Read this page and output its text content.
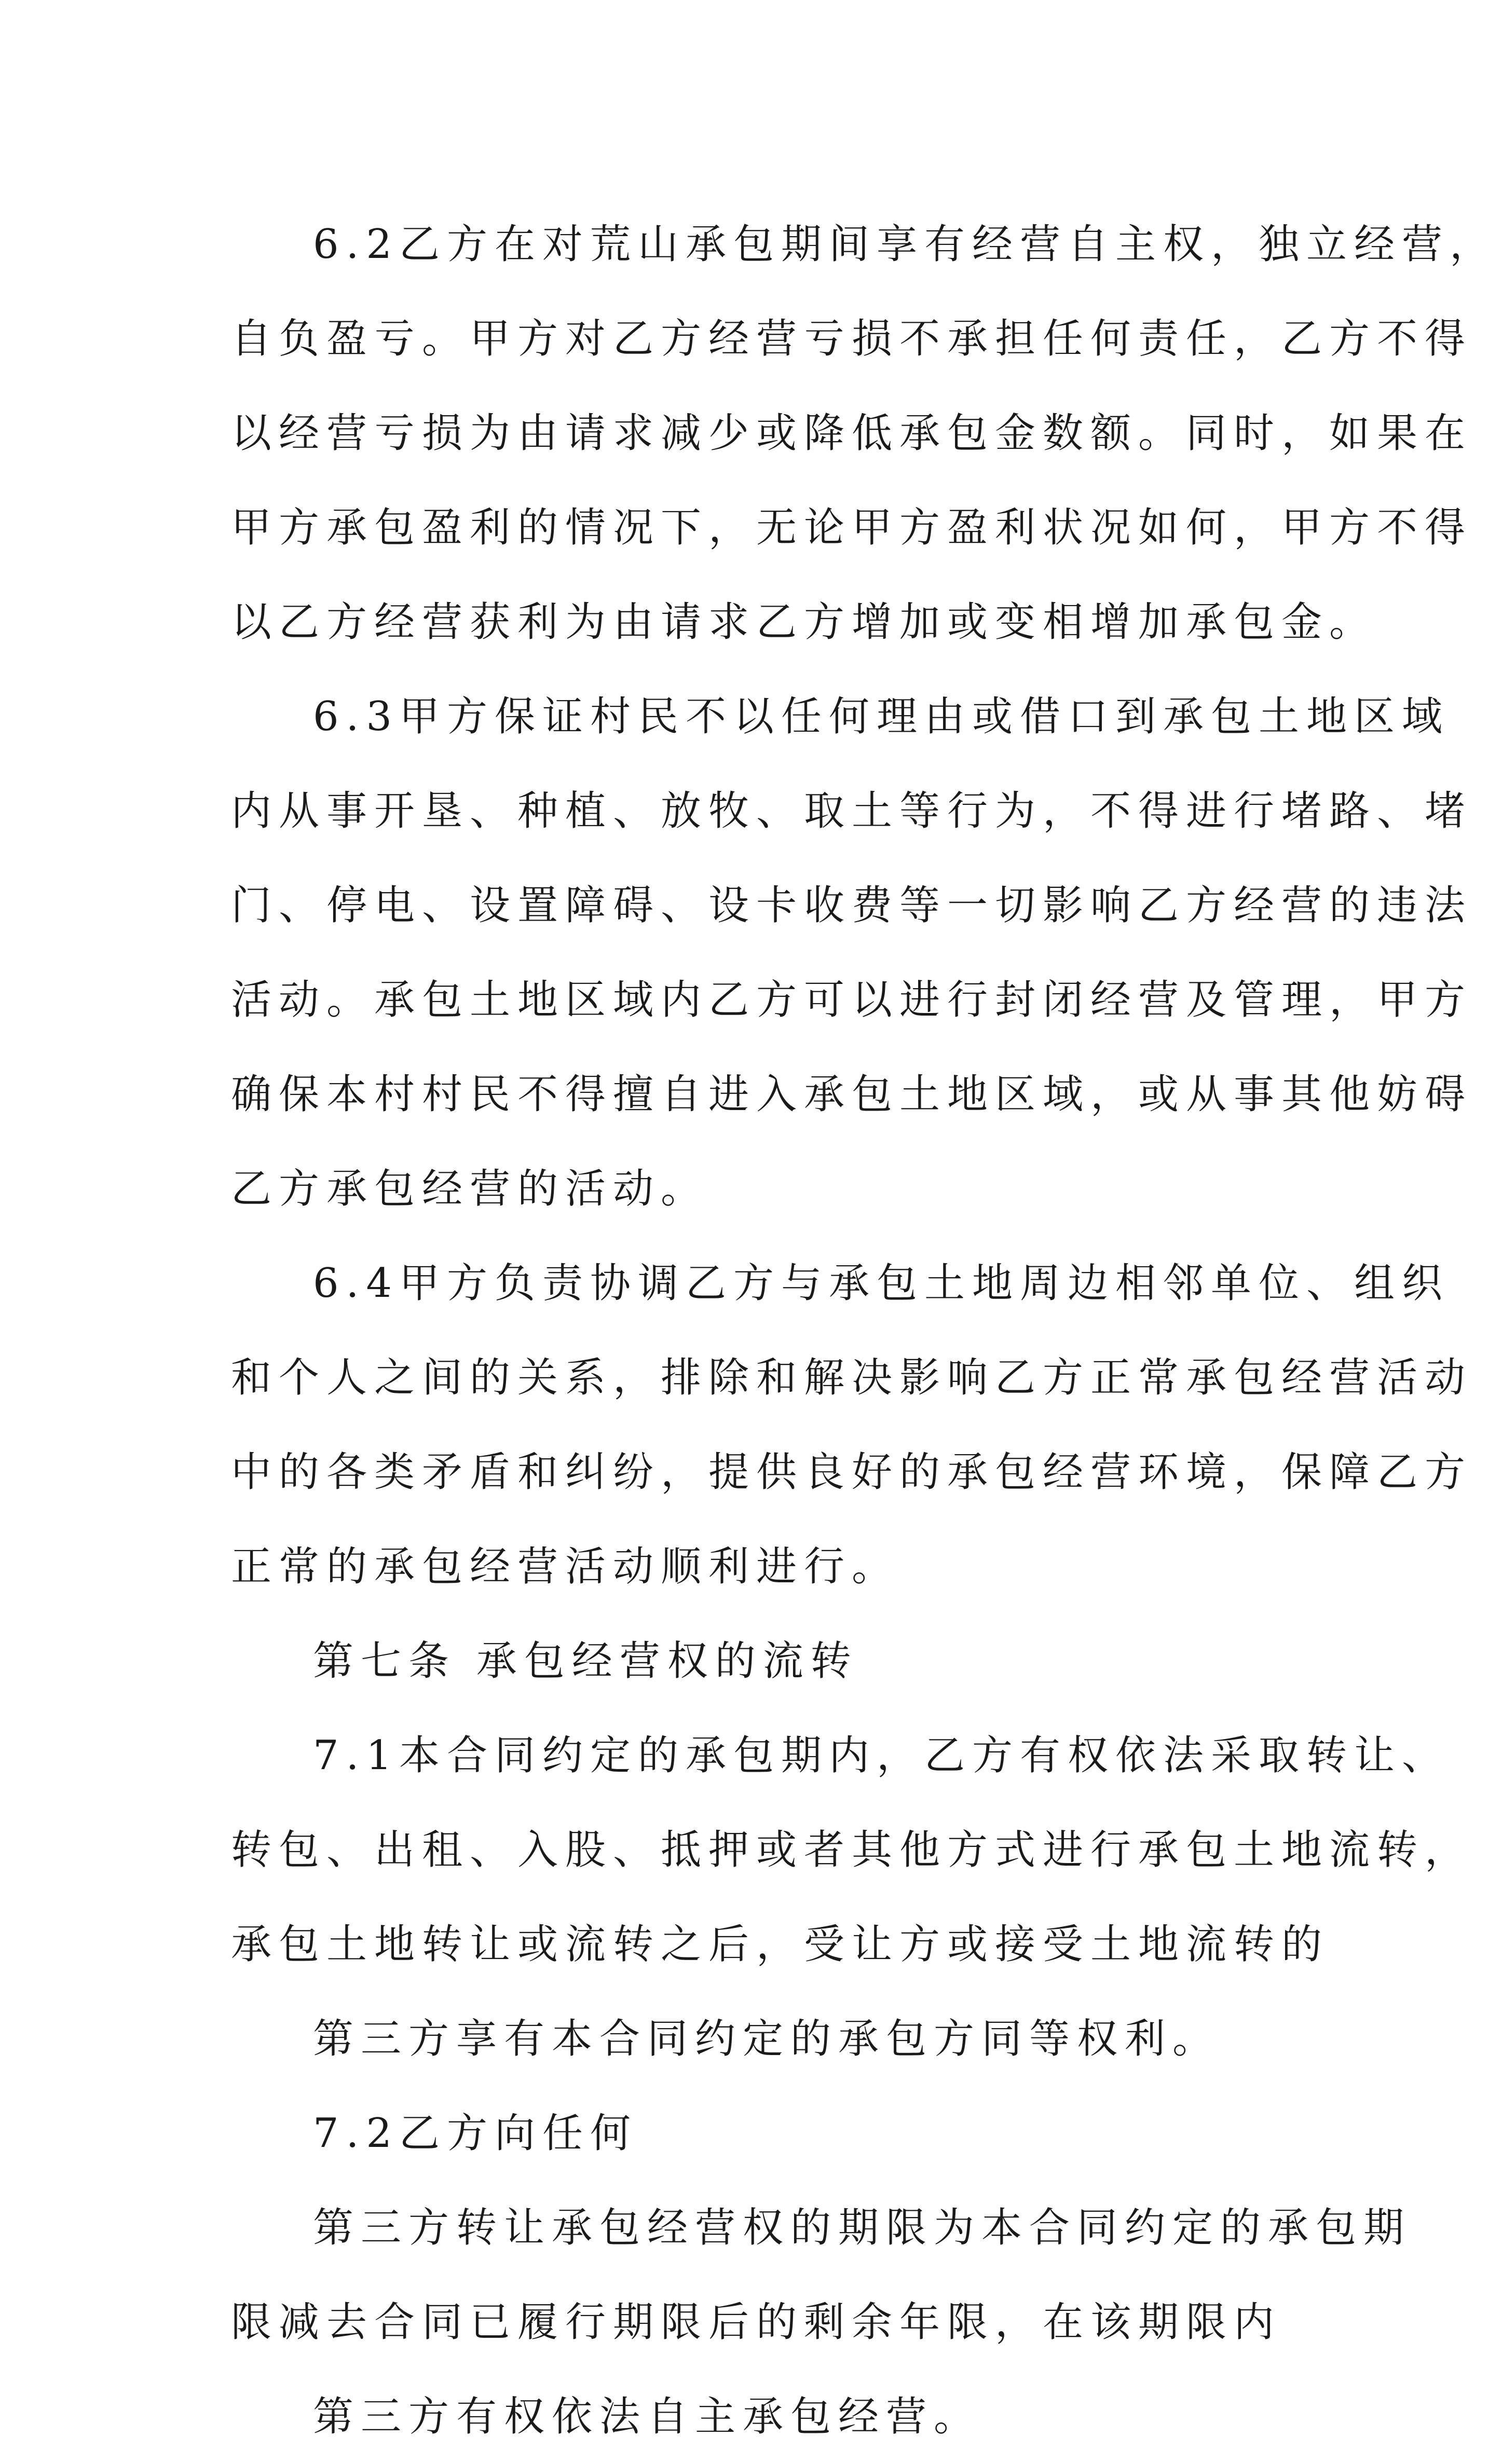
6.2乙方在对荒山承包期间享有经营自主权，独立经营，
自负盈亏。甲方对乙方经营亏损不承担任何责任，乙方不得
以经营亏损为由请求减少或降低承包金数额。同时，如果在
甲方承包盈利的情况下，无论甲方盈利状况如何，甲方不得
以乙方经营获利为由请求乙方增加或变相增加承包金。
6.3甲方保证村民不以任何理由或借口到承包土地区域
内从事开垦、种植、放牧、取土等行为，不得进行堵路、堵
门、停电、设置障碍、设卡收费等一切影响乙方经营的违法
活动。承包土地区域内乙方可以进行封闭经营及管理，甲方
确保本村村民不得擅自进入承包土地区域，或从事其他妨碍
乙方承包经营的活动。
6.4甲方负责协调乙方与承包土地周边相邻单位、组织
和个人之间的关系，排除和解决影响乙方正常承包经营活动
中的各类矛盾和纠纷，提供良好的承包经营环境，保障乙方
正常的承包经营活动顺利进行。
第七条 承包经营权的流转
7.1本合同约定的承包期内，乙方有权依法采取转让、
转包、出租、入股、抵押或者其他方式进行承包土地流转，
承包土地转让或流转之后，受让方或接受土地流转的
第三方享有本合同约定的承包方同等权利。
7.2乙方向任何
第三方转让承包经营权的期限为本合同约定的承包期
限减去合同已履行期限后的剩余年限，在该期限内
第三方有权依法自主承包经营。
